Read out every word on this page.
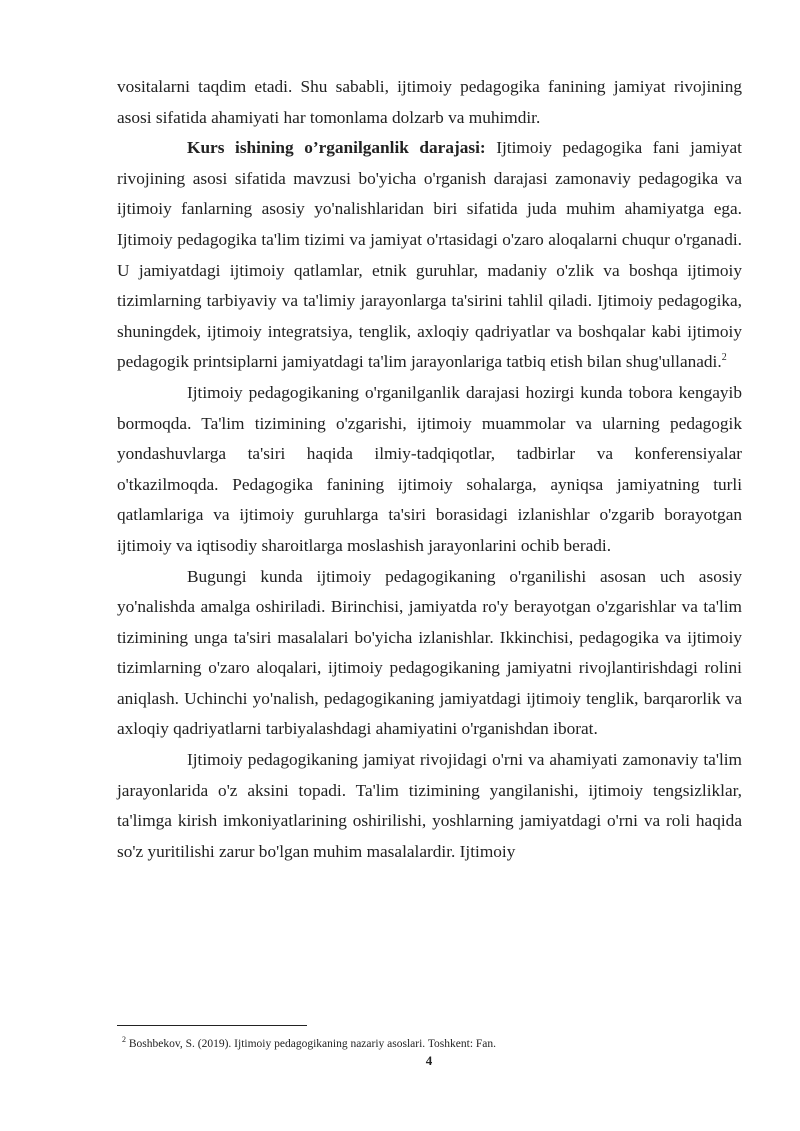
vositalarni taqdim etadi. Shu sababli, ijtimoiy pedagogika fanining jamiyat rivojining asosi sifatida ahamiyati har tomonlama dolzarb va muhimdir.

Kurs ishining o’rganilganlik darajasi: Ijtimoiy pedagogika fani jamiyat rivojining asosi sifatida mavzusi bo'yicha o'rganish darajasi zamonaviy pedagogika va ijtimoiy fanlarning asosiy yo'nalishlaridan biri sifatida juda muhim ahamiyatga ega. Ijtimoiy pedagogika ta'lim tizimi va jamiyat o'rtasidagi o'zaro aloqalarni chuqur o'rganadi. U jamiyatdagi ijtimoiy qatlamlar, etnik guruhlar, madaniy o'zlik va boshqa ijtimoiy tizimlarning tarbiyaviy va ta'limiy jarayonlarga ta'sirini tahlil qiladi. Ijtimoiy pedagogika, shuningdek, ijtimoiy integratsiya, tenglik, axloqiy qadriyatlar va boshqalar kabi ijtimoiy pedagogik printsiplarni jamiyatdagi ta'lim jarayonlariga tatbiq etish bilan shug'ullanadi.$^2$

Ijtimoiy pedagogikaning o'rganilganlik darajasi hozirgi kunda tobora kengayib bormoqda. Ta'lim tizimining o'zgarishi, ijtimoiy muammolar va ularning pedagogik yondashuvlarga ta'siri haqida ilmiy-tadqiqotlar, tadbirlar va konferensiyalar o'tkazilmoqda. Pedagogika fanining ijtimoiy sohalarga, ayniqsa jamiyatning turli qatlamlariga va ijtimoiy guruhlarga ta'siri borasidagi izlanishlar o'zgarib borayotgan ijtimoiy va iqtisodiy sharoitlarga moslashish jarayonlarini ochib beradi.

Bugungi kunda ijtimoiy pedagogikaning o'rganilishi asosan uch asosiy yo'nalishda amalga oshiriladi. Birinchisi, jamiyatda ro'y berayotgan o'zgarishlar va ta'lim tizimining unga ta'siri masalalari bo'yicha izlanishlar. Ikkinchisi, pedagogika va ijtimoiy tizimlarning o'zaro aloqalari, ijtimoiy pedagogikaning jamiyatni rivojlantirishdagi rolini aniqlash. Uchinchi yo'nalish, pedagogikaning jamiyatdagi ijtimoiy tenglik, barqarorlik va axloqiy qadriyatlarni tarbiyalashdagi ahamiyatini o'rganishdan iborat.

Ijtimoiy pedagogikaning jamiyat rivojidagi o'rni va ahamiyati zamonaviy ta'lim jarayonlarida o'z aksini topadi. Ta'lim tizimining yangilanishi, ijtimoiy tengsizliklar, ta'limga kirish imkoniyatlarining oshirilishi, yoshlarning jamiyatdagi o'rni va roli haqida so'z yuritilishi zarur bo'lgan muhim masalalardir. Ijtimoiy

$^2$ Boshbekov, S. (2019). Ijtimoiy pedagogikaning nazariy asoslari. Toshkent: Fan.
4
